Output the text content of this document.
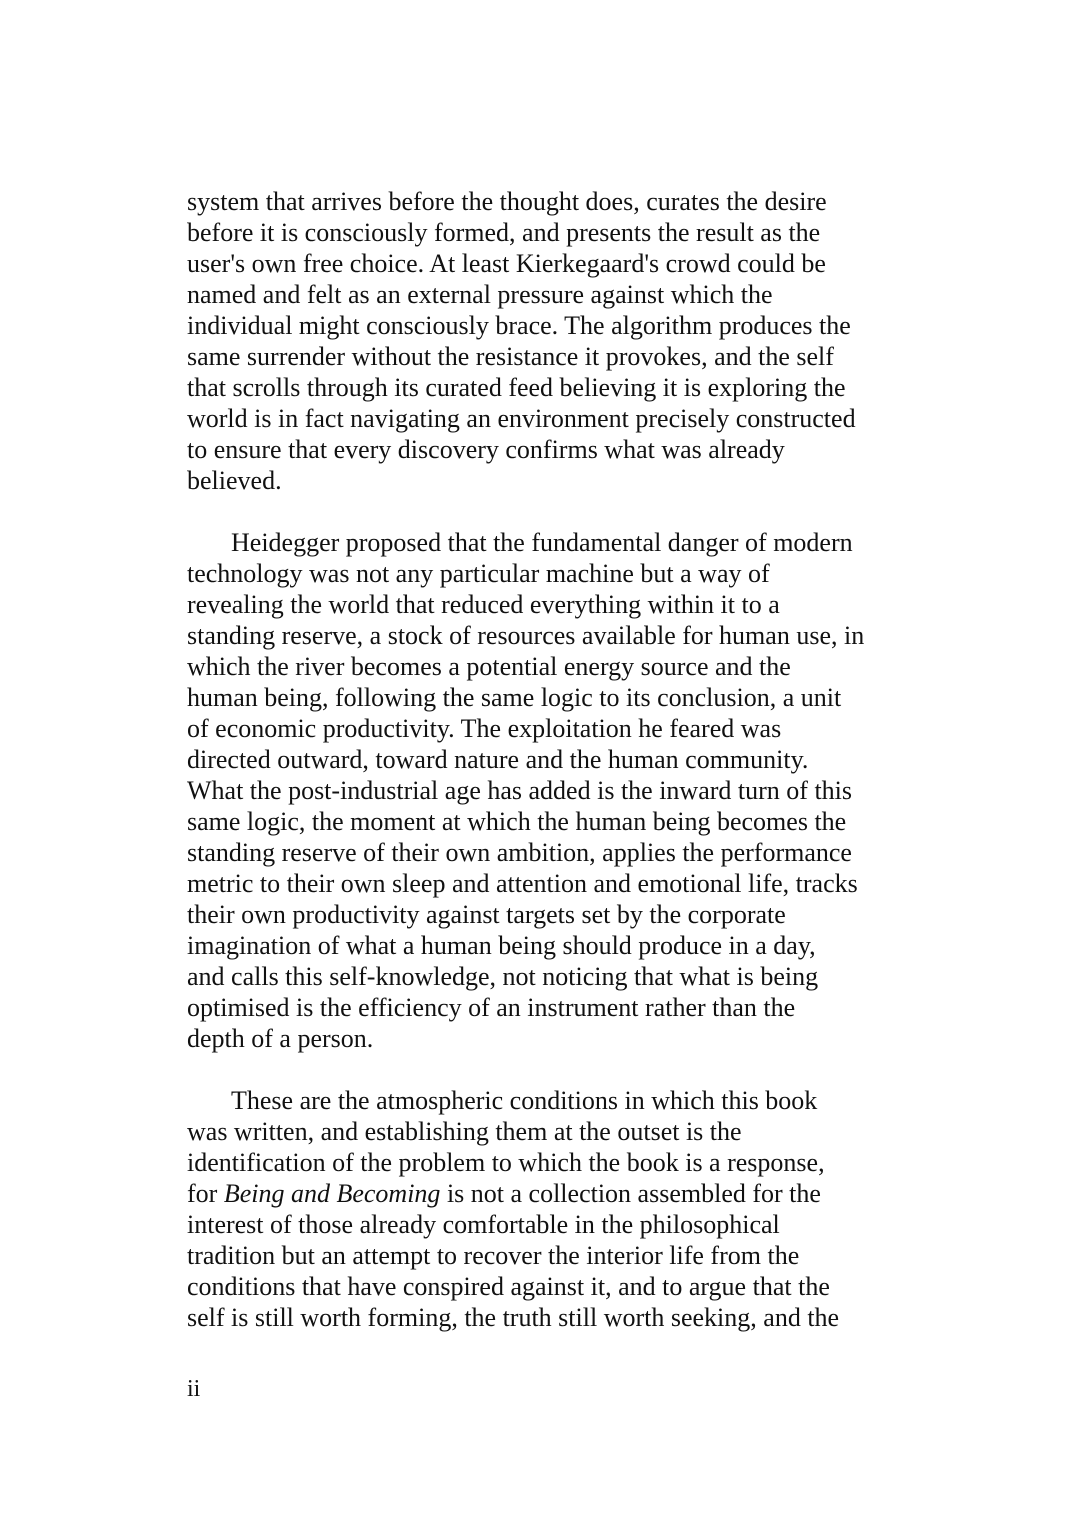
system that arrives before the thought does, curates the desire
before it is consciously formed, and presents the result as the
user's own free choice. At least Kierkegaard's crowd could be
named and felt as an external pressure against which the
individual might consciously brace. The algorithm produces the
same surrender without the resistance it provokes, and the self
that scrolls through its curated feed believing it is exploring the
world is in fact navigating an environment precisely constructed
to ensure that every discovery confirms what was already
believed.
Heidegger proposed that the fundamental danger of modern
technology was not any particular machine but a way of
revealing the world that reduced everything within it to a
standing reserve, a stock of resources available for human use, in
which the river becomes a potential energy source and the
human being, following the same logic to its conclusion, a unit
of economic productivity. The exploitation he feared was
directed outward, toward nature and the human community.
What the post-industrial age has added is the inward turn of this
same logic, the moment at which the human being becomes the
standing reserve of their own ambition, applies the performance
metric to their own sleep and attention and emotional life, tracks
their own productivity against targets set by the corporate
imagination of what a human being should produce in a day,
and calls this self-knowledge, not noticing that what is being
optimised is the efficiency of an instrument rather than the
depth of a person.
These are the atmospheric conditions in which this book
was written, and establishing them at the outset is the
identification of the problem to which the book is a response,
for Being and Becoming is not a collection assembled for the
interest of those already comfortable in the philosophical
tradition but an attempt to recover the interior life from the
conditions that have conspired against it, and to argue that the
self is still worth forming, the truth still worth seeking, and the
ii
